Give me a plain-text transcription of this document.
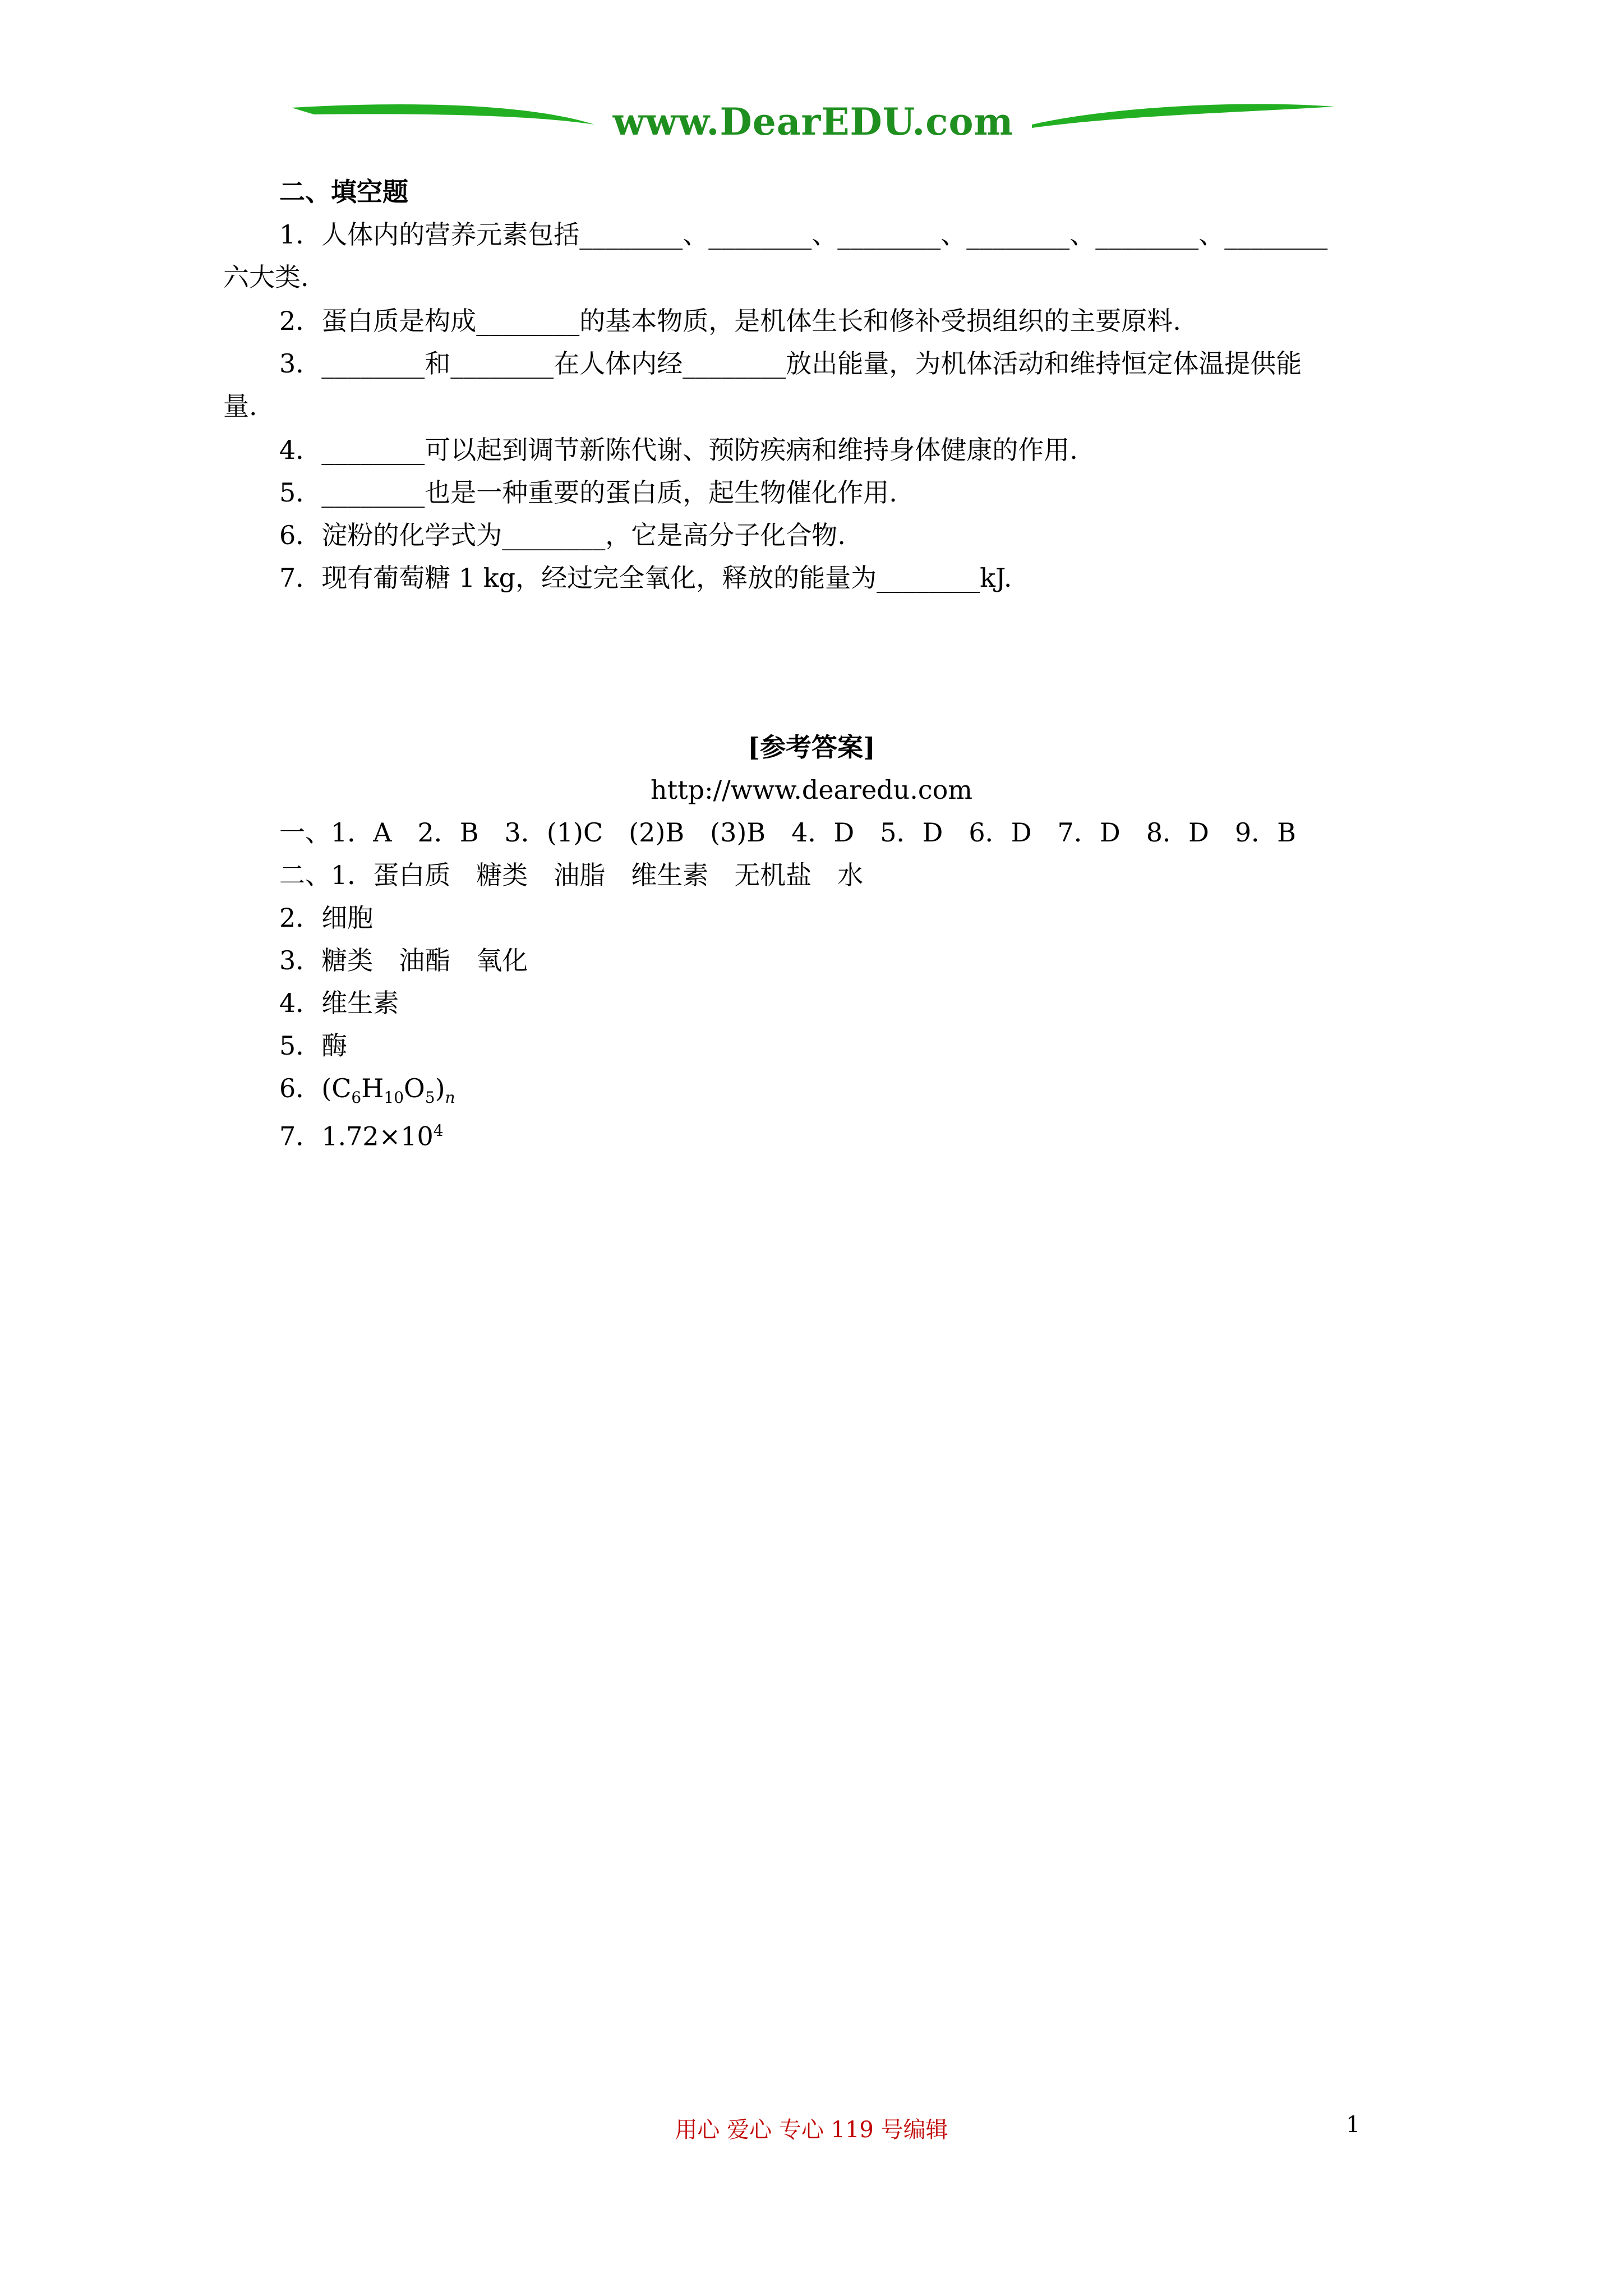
www.DearEDU.com
二、填空题
1．人体内的营养元素包括________、________、________、________、________、________
六大类.
2．蛋白质是构成________的基本物质，是机体生长和修补受损组织的主要原料.
3．________和________在人体内经________放出能量，为机体活动和维持恒定体温提供能
量.
4．________可以起到调节新陈代谢、预防疾病和维持身体健康的作用.
5．________也是一种重要的蛋白质，起生物催化作用.
6．淀粉的化学式为________，它是高分子化合物.
7．现有葡萄糖 1 kg，经过完全氧化，释放的能量为________kJ.
[参考答案]
http://www.dearedu.com
一、1．A　2．B　3．(1)C　(2)B　(3)B　4．D　5．D　6．D　7．D　8．D　9．B
二、1．蛋白质　糖类　油脂　维生素　无机盐　水
2．细胞
3．糖类　油酯　氧化
4．维生素
5．酶
6．$(C_6H_{10}O_5)_n$
7．$1.72\times 10^4$
用心 爱心 专心 119 号编辑	1
